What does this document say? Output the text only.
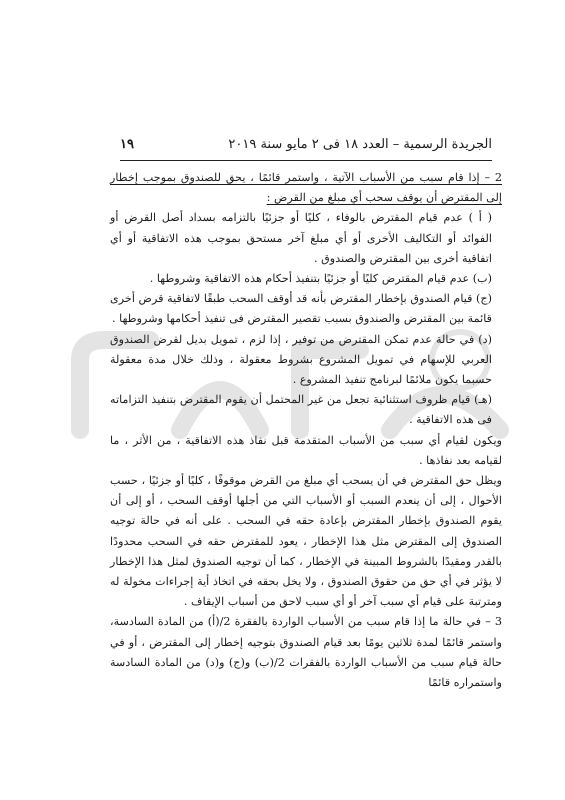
الجريدة الرسمية – العدد ١٨ فى ٢ مايو سنة ٢٠١٩
١٩

2 – إذا قام سبب من الأسباب الآتية ، واستمر قائمًا ، يحق للصندوق بموجب إخطار إلى المقترض أن يوقف سحب أي مبلغ من القرض :

( أ ) عدم قيام المقترض بالوفاء ، كليًا أو جزئيًا بالتزامه بسداد أصل القرض أو الفوائد أو التكاليف الأخرى أو أي مبلغ آخر مستحق بموجب هذه الاتفاقية أو أي اتفاقية أخرى بين المقترض والصندوق .

(ب) عدم قيام المقترض كليًا أو جزئيًا بتنفيذ أحكام هذه الاتفاقية وشروطها .

(ج) قيام الصندوق بإخطار المقترض بأنه قد أوقف السحب طبقًا لاتفاقية قرض أخرى قائمة بين المقترض والصندوق بسبب تقصير المقترض فى تنفيذ أحكامها وشروطها .

(د) في حالة عدم تمكن المقترض من توفير ، إذا لزم ، تمويل بديل لقرض الصندوق العربي للإسهام في تمويل المشروع بشروط معقولة ، وذلك خلال مدة معقولة حسبما يكون ملائمًا لبرنامج تنفيذ المشروع .

(هـ) قيام ظروف استثنائية تجعل من غير المحتمل أن يقوم المقترض بتنفيذ التزاماته فى هذه الاتفاقية .

ويكون لقيام أي سبب من الأسباب المتقدمة قبل نفاذ هذه الاتفاقية ، من الأثر ، ما لقيامه بعد نفاذها .

ويظل حق المقترض في أن يسحب أي مبلغ من القرض موقوفًا ، كليًا أو جزئيًا ، حسب الأحوال ، إلى أن ينعدم السبب أو الأسباب التي من أجلها أوقف السحب ، أو إلى أن يقوم الصندوق بإخطار المقترض بإعادة حقه في السحب . على أنه في حالة توجيه الصندوق إلى المقترض مثل هذا الإخطار ، يعود للمقترض حقه في السحب محدودًا بالقدر ومقيدًا بالشروط المبينة في الإخطار ، كما أن توجيه الصندوق لمثل هذا الإخطار لا يؤثر في أي حق من حقوق الصندوق ، ولا يخل بحقه في اتخاذ أية إجراءات مخولة له ومترتبة على قيام أي سبب آخر أو أي سبب لاحق من أسباب الإيقاف .

3 – في حالة ما إذا قام سبب من الأسباب الواردة بالفقرة 2/(أ) من المادة السادسة، واستمر قائمًا لمدة ثلاثين يومًا بعد قيام الصندوق بتوجيه إخطار إلى المقترض ، أو في حالة قيام سبب من الأسباب الواردة بالفقرات 2/(ب) و(ج) و(د) من المادة السادسة واستمراره قائمًا
